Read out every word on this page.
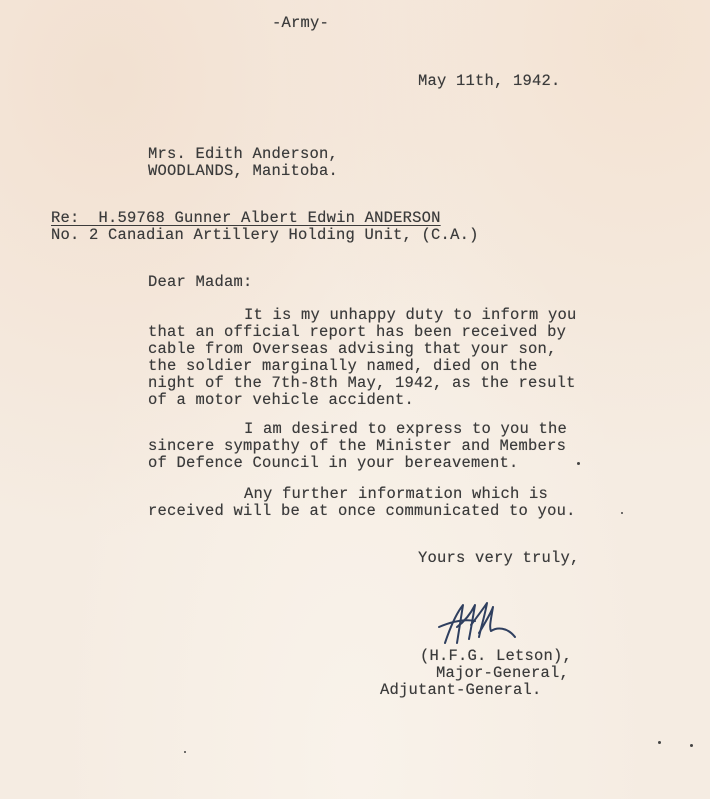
-Army-
May 11th, 1942.
Mrs. Edith Anderson,
WOODLANDS, Manitoba.
Re: H.59768 Gunner Albert Edwin ANDERSON
No. 2 Canadian Artillery Holding Unit, (C.A.)
Dear Madam:
It is my unhappy duty to inform you
that an official report has been received by
cable from Overseas advising that your son,
the soldier marginally named, died on the
night of the 7th-8th May, 1942, as the result
of a motor vehicle accident.
I am desired to express to you the
sincere sympathy of the Minister and Members
of Defence Council in your bereavement.
Any further information which is
received will be at once communicated to you.
Yours very truly,
(H.F.G. Letson),
Major-General,
Adjutant-General.
